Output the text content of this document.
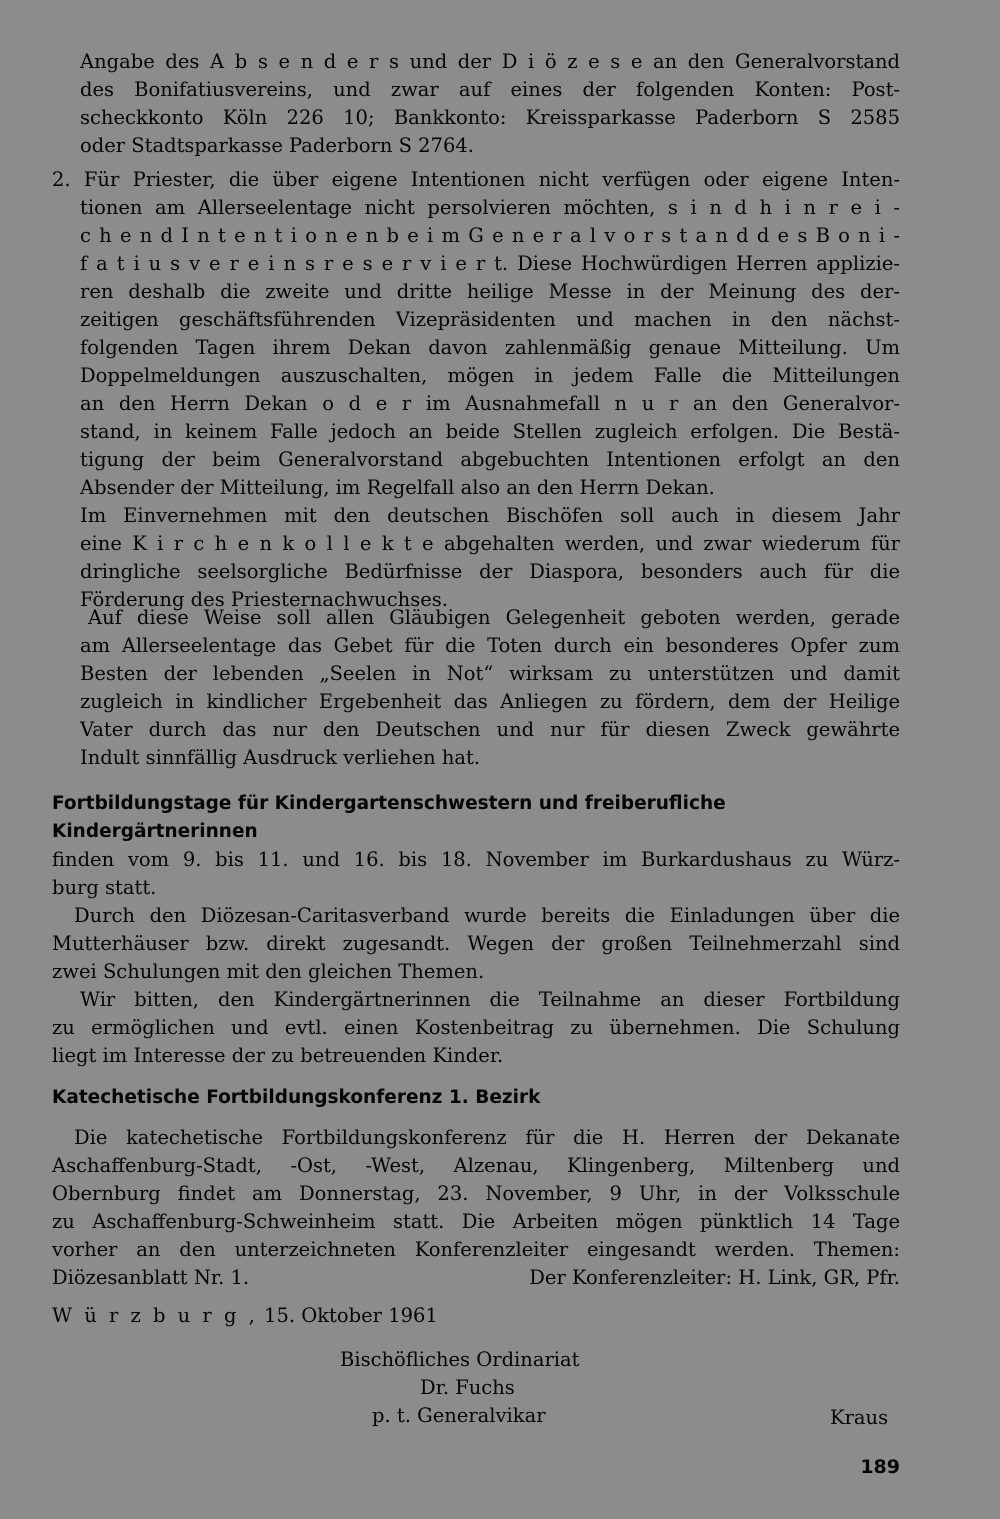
Angabe des A b s e n d e r s und der D i ö z e s e an den Generalvorstand
des Bonifatiusvereins, und zwar auf eines der folgenden Konten: Post-
scheckkonto Köln 226 10; Bankkonto: Kreissparkasse Paderborn S 2585
oder Stadtsparkasse Paderborn S 2764.
2. Für Priester, die über eigene Intentionen nicht verfügen oder eigene Inten-
tionen am Allerseelentage nicht persolvieren möchten, s i n d h i n r e i -
c h e n d I n t e n t i o n e n b e i m G e n e r a l v o r s t a n d d e s B o n i -
f a t i u s v e r e i n s r e s e r v i e r t. Diese Hochwürdigen Herren applizie-
ren deshalb die zweite und dritte heilige Messe in der Meinung des der-
zeitigen geschäftsführenden Vizepräsidenten und machen in den nächst-
folgenden Tagen ihrem Dekan davon zahlenmäßig genaue Mitteilung. Um
Doppelmeldungen auszuschalten, mögen in jedem Falle die Mitteilungen
an den Herrn Dekan o d e r im Ausnahmefall n u r an den Generalvor-
stand, in keinem Falle jedoch an beide Stellen zugleich erfolgen. Die Bestä-
tigung der beim Generalvorstand abgebuchten Intentionen erfolgt an den
Absender der Mitteilung, im Regelfall also an den Herrn Dekan.
Im Einvernehmen mit den deutschen Bischöfen soll auch in diesem Jahr
eine K i r c h e n k o l l e k t e abgehalten werden, und zwar wiederum für
dringliche seelsorgliche Bedürfnisse der Diaspora, besonders auch für die
Förderung des Priesternachwuchses.
Auf diese Weise soll allen Gläubigen Gelegenheit geboten werden, gerade
am Allerseelentage das Gebet für die Toten durch ein besonderes Opfer zum
Besten der lebenden „Seelen in Not“ wirksam zu unterstützen und damit
zugleich in kindlicher Ergebenheit das Anliegen zu fördern, dem der Heilige
Vater durch das nur den Deutschen und nur für diesen Zweck gewährte
Indult sinnfällig Ausdruck verliehen hat.
Fortbildungstage für Kindergartenschwestern und freiberufliche
Kindergärtnerinnen
finden vom 9. bis 11. und 16. bis 18. November im Burkardushaus zu Würz-
burg statt.
Durch den Diözesan-Caritasverband wurde bereits die Einladungen über die
Mutterhäuser bzw. direkt zugesandt. Wegen der großen Teilnehmerzahl sind
zwei Schulungen mit den gleichen Themen.
Wir bitten, den Kindergärtnerinnen die Teilnahme an dieser Fortbildung
zu ermöglichen und evtl. einen Kostenbeitrag zu übernehmen. Die Schulung
liegt im Interesse der zu betreuenden Kinder.
Katechetische Fortbildungskonferenz 1. Bezirk
Die katechetische Fortbildungskonferenz für die H. Herren der Dekanate
Aschaffenburg-Stadt, -Ost, -West, Alzenau, Klingenberg, Miltenberg und
Obernburg findet am Donnerstag, 23. November, 9 Uhr, in der Volksschule
zu Aschaffenburg-Schweinheim statt. Die Arbeiten mögen pünktlich 14 Tage
vorher an den unterzeichneten Konferenzleiter eingesandt werden. Themen:
Diözesanblatt Nr. 1.	Der Konferenzleiter: H. Link, GR, Pfr.
W ü r z b u r g , 15. Oktober 1961
Bischöfliches Ordinariat
Dr. Fuchs
p. t. Generalvikar	Kraus
189
